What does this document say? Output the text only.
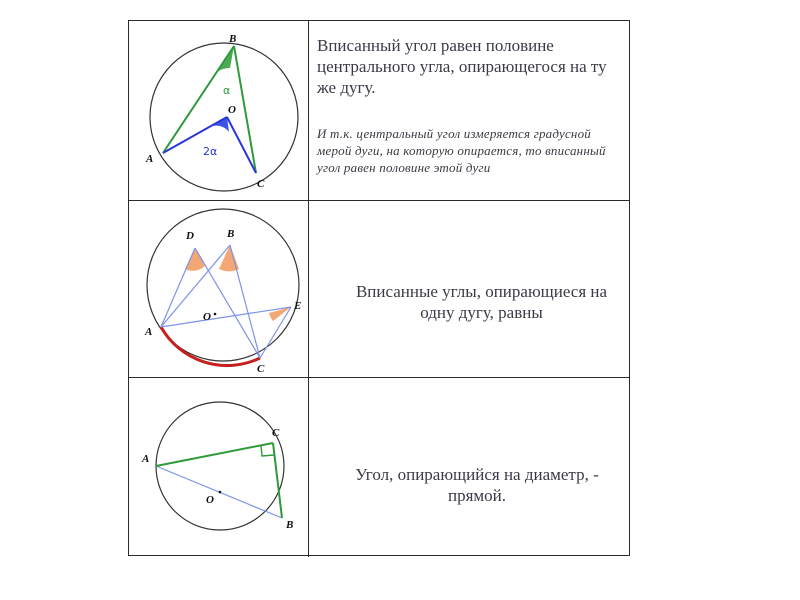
B
A
C
O
α
2α
Вписанный угол равен половине центрального угла, опирающегося на ту же дугу.
И т.к. центральный угол измеряется градусной мерой дуги, на которую опирается, то вписанный угол равен половине этой дуги
D	B
E
A
C
O
Вписанные углы, опирающиеся на одну дугу, равны
C
A
B
O
Угол, опирающийся на диаметр, - прямой.
